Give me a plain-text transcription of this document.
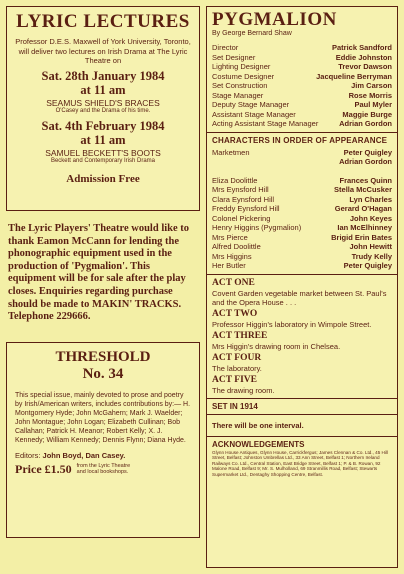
LYRIC LECTURES

Professor D.E.S. Maxwell of York University, Toronto, will deliver two lectures on Irish Drama at The Lyric Theatre on

Sat. 28th January 1984

at 11 am

SEAMUS SHIELD'S BRACES

O'Casey and the Drama of his time.

Sat. 4th February 1984

at 11 am

SAMUEL BECKETT'S BOOTS

Beckett and Contemporary Irish Drama

Admission Free

The Lyric Players' Theatre would like to thank Eamon McCann for lending the phonographic equipment used in the production of 'Pygmalion'. This equipment will be for sale after the play closes. Enquiries regarding purchase should be made to MAKIN' TRACKS. Telephone 229666.

THRESHOLD
No. 34

This special issue, mainly devoted to prose and poetry by Irish/American writers, includes contributions by:— H. Montgomery Hyde; John McGahern; Mark J. Waelder; John Montague; John Logan; Elizabeth Cullinan; Bob Callahan; Patrick H. Meanor; Robert Kelly; X. J. Kennedy; William Kennedy; Dennis Flynn; Diana Hyde.

Editors: John Boyd, Dan Casey.

Price £1.50 from the Lyric Theatre
and local bookshops.

PYGMALION

By George Bernard Shaw

Director	Patrick Sandford
Set Designer	Eddie Johnston
Lighting Designer	Trevor Dawson
Costume Designer	Jacqueline Berryman
Set Construction	Jim Carson
Stage Manager	Rose Morris
Deputy Stage Manager	Paul Myler
Assistant Stage Manager	Maggie Burge
Acting Assistant Stage Manager	Adrian Gordon

CHARACTERS IN ORDER OF APPEARANCE

Marketmen	Peter Quigley
Adrian Gordon
Eliza Doolittle	Frances Quinn
Mrs Eynsford Hill	Stella McCusker
Clara Eynsford Hill	Lyn Charles
Freddy Eynsford Hill	Gerard O'Hagan
Colonel Pickering	John Keyes
Henry Higgins (Pygmalion)	Ian McElhinney
Mrs Pierce	Brigid Erin Bates
Alfred Doolittle	John Hewitt
Mrs Higgins	Trudy Kelly
Her Butler	Peter Quigley

ACT ONE

Covent Garden vegetable market between St. Paul's and the Opera House . . .

ACT TWO

Professor Higgin's laboratory in Wimpole Street.

ACT THREE

Mrs Higgin's drawing room in Chelsea.

ACT FOUR

The laboratory.

ACT FIVE

The drawing room.

SET IN 1914

There will be one interval.

ACKNOWLEDGEMENTS

Glynn House Antiques, Glynn House, Carrickfergus; James Clennan & Co. Ltd., 45 Hill Street, Belfast; Johnston Umbrellas Ltd., 33 Ann Street, Belfast 1; Northern Ireland Railways Co. Ltd., Central Station, East Bridge Street, Belfast 1; P. & B. Rowan, 92 Malone Road, Belfast 9; Mr. S. Mulholland, 69 Stranmillis Road, Belfast; Stewarts Supermarket Ltd., Dentaghy Shopping Centre, Belfast.
